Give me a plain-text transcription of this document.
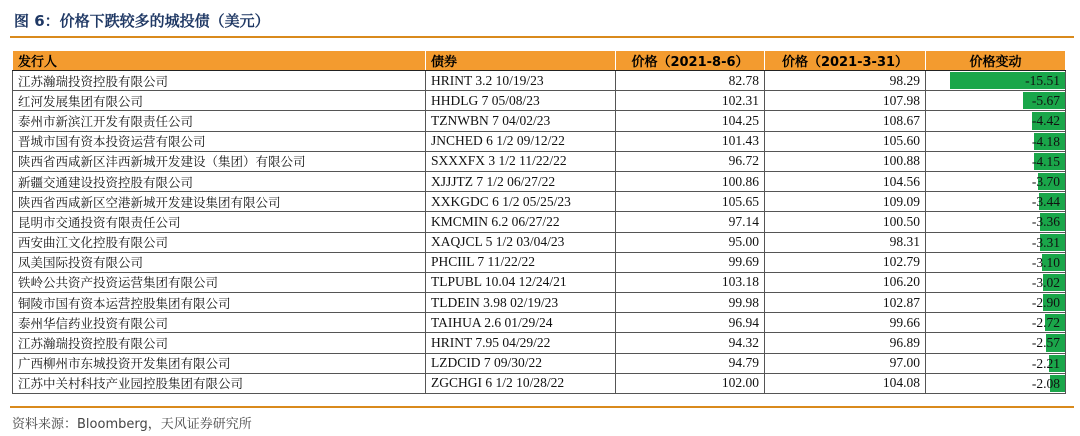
图 6：价格下跌较多的城投债（美元）
发行人	债券	价格（2021-8-6）	价格（2021-3-31）	价格变动
江苏瀚瑞投资控股有限公司	HRINT 3.2 10/19/23	82.78	98.29	-15.51

红河发展集团有限公司	HHDLG 7 05/08/23	102.31	107.98	-5.67

泰州市新滨江开发有限责任公司	TZNWBN 7 04/02/23	104.25	108.67	-4.42

晋城市国有资本投资运营有限公司	JNCHED 6 1/2 09/12/22	101.43	105.60	-4.18

陕西省西咸新区沣西新城开发建设（集团）有限公司	SXXXFX 3 1/2 11/22/22	96.72	100.88	-4.15

新疆交通建设投资控股有限公司	XJJJTZ 7 1/2 06/27/22	100.86	104.56	-3.70

陕西省西咸新区空港新城开发建设集团有限公司	XXKGDC 6 1/2 05/25/23	105.65	109.09	-3.44

昆明市交通投资有限责任公司	KMCMIN 6.2 06/27/22	97.14	100.50	-3.36

西安曲江文化控股有限公司	XAQJCL 5 1/2 03/04/23	95.00	98.31	-3.31

凤美国际投资有限公司	PHCIIL 7 11/22/22	99.69	102.79	-3.10

铁岭公共资产投资运营集团有限公司	TLPUBL 10.04 12/24/21	103.18	106.20	-3.02

铜陵市国有资本运营控股集团有限公司	TLDEIN 3.98 02/19/23	99.98	102.87	-2.90

泰州华信药业投资有限公司	TAIHUA 2.6 01/29/24	96.94	99.66	-2.72

江苏瀚瑞投资控股有限公司	HRINT 7.95 04/29/22	94.32	96.89	-2.57

广西柳州市东城投资开发集团有限公司	LZDCID 7 09/30/22	94.79	97.00	-2.21

江苏中关村科技产业园控股集团有限公司	ZGCHGI 6 1/2 10/28/22	102.00	104.08	-2.08
资料来源：Bloomberg，天风证券研究所
